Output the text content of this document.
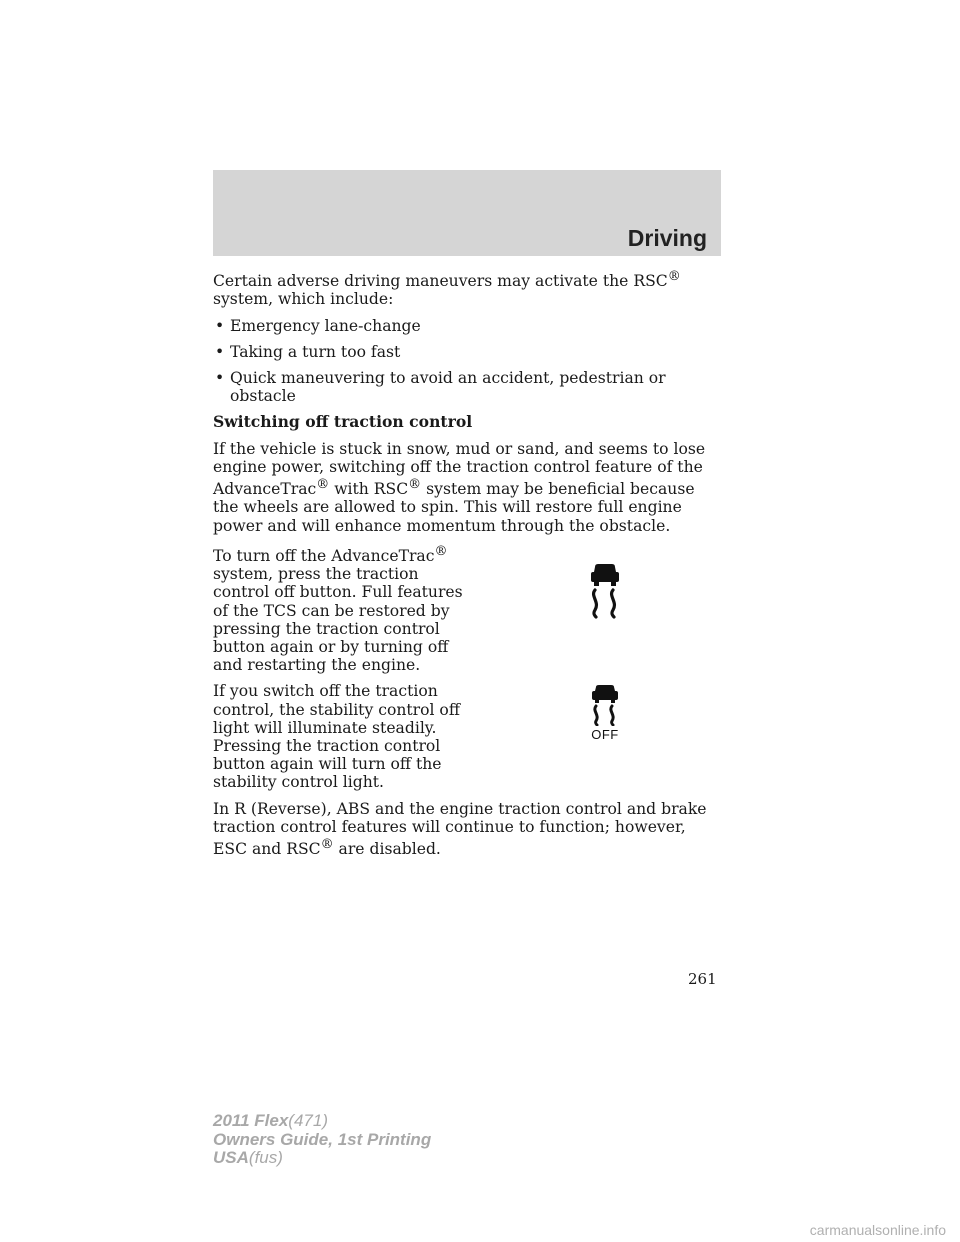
Driving

Certain adverse driving maneuvers may activate the RSC® system, which include:

• Emergency lane-change
• Taking a turn too fast
• Quick maneuvering to avoid an accident, pedestrian or obstacle
Switching off traction control

If the vehicle is stuck in snow, mud or sand, and seems to lose engine power, switching off the traction control feature of the AdvanceTrac® with RSC® system may be beneficial because the wheels are allowed to spin. This will restore full engine power and will enhance momentum through the obstacle.

To turn off the AdvanceTrac® system, press the traction control off button. Full features of the TCS can be restored by pressing the traction control button again or by turning off and restarting the engine.

If you switch off the traction control, the stability control off light will illuminate steadily. Pressing the traction control button again will turn off the stability control light.

OFF

In R (Reverse), ABS and the engine traction control and brake traction control features will continue to function; however, ESC and RSC® are disabled.

261
2011 Flex(471)
Owners Guide, 1st Printing
USA(fus)
carmanualsonline.info
